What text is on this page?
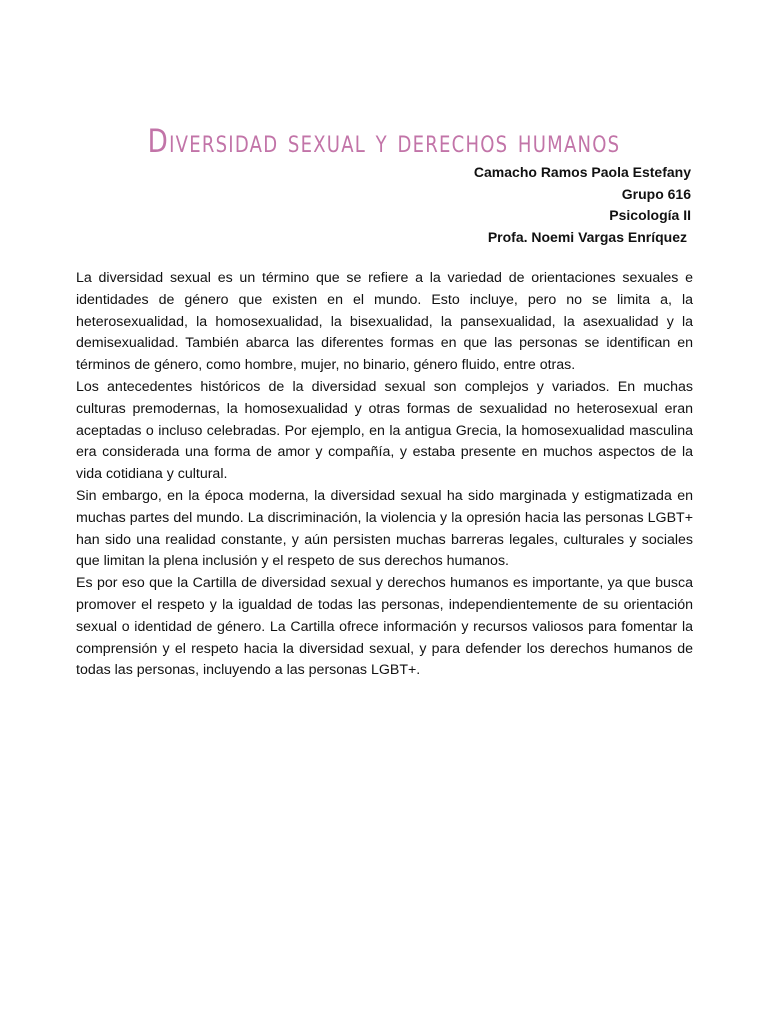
Diversidad sexual y derechos humanos
Camacho Ramos Paola Estefany
Grupo 616
Psicología II
Profa. Noemi Vargas Enríquez

La diversidad sexual es un término que se refiere a la variedad de orientaciones sexuales e identidades de género que existen en el mundo. Esto incluye, pero no se limita a, la heterosexualidad, la homosexualidad, la bisexualidad, la pansexualidad, la asexualidad y la demisexualidad. También abarca las diferentes formas en que las personas se identifican en términos de género, como hombre, mujer, no binario, género fluido, entre otras.

Los antecedentes históricos de la diversidad sexual son complejos y variados. En muchas culturas premodernas, la homosexualidad y otras formas de sexualidad no heterosexual eran aceptadas o incluso celebradas. Por ejemplo, en la antigua Grecia, la homosexualidad masculina era considerada una forma de amor y compañía, y estaba presente en muchos aspectos de la vida cotidiana y cultural.

Sin embargo, en la época moderna, la diversidad sexual ha sido marginada y estigmatizada en muchas partes del mundo. La discriminación, la violencia y la opresión hacia las personas LGBT+ han sido una realidad constante, y aún persisten muchas barreras legales, culturales y sociales que limitan la plena inclusión y el respeto de sus derechos humanos.

Es por eso que la Cartilla de diversidad sexual y derechos humanos es importante, ya que busca promover el respeto y la igualdad de todas las personas, independientemente de su orientación sexual o identidad de género. La Cartilla ofrece información y recursos valiosos para fomentar la comprensión y el respeto hacia la diversidad sexual, y para defender los derechos humanos de todas las personas, incluyendo a las personas LGBT+.
